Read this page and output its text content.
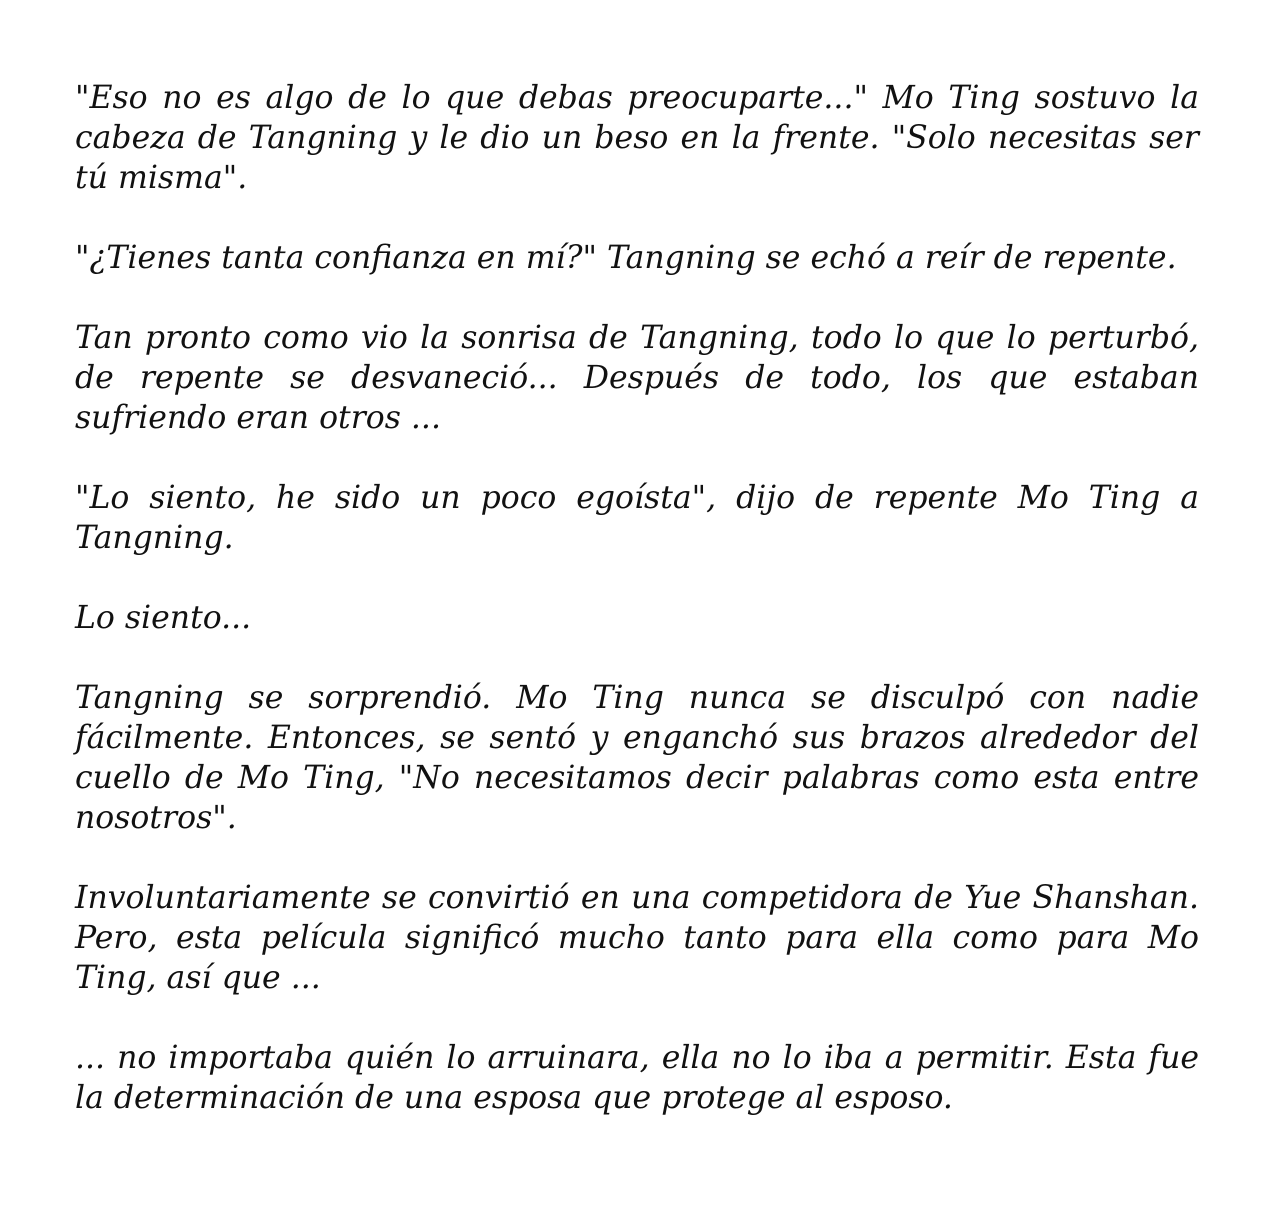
"Eso no es algo de lo que debas preocuparte..." Mo Ting sostuvo la cabeza de Tangning y le dio un beso en la frente. "Solo necesitas ser tú misma".

"¿Tienes tanta confianza en mí?" Tangning se echó a reír de repente.

Tan pronto como vio la sonrisa de Tangning, todo lo que lo perturbó, de repente se desvaneció... Después de todo, los que estaban sufriendo eran otros ...

"Lo siento, he sido un poco egoísta", dijo de repente Mo Ting a Tangning.

Lo siento...

Tangning se sorprendió. Mo Ting nunca se disculpó con nadie fácilmente. Entonces, se sentó y enganchó sus brazos alrededor del cuello de Mo Ting, "No necesitamos decir palabras como esta entre nosotros".

Involuntariamente se convirtió en una competidora de Yue Shanshan. Pero, esta película significó mucho tanto para ella como para Mo Ting, así que ...

... no importaba quién lo arruinara, ella no lo iba a permitir. Esta fue la determinación de una esposa que protege al esposo.
